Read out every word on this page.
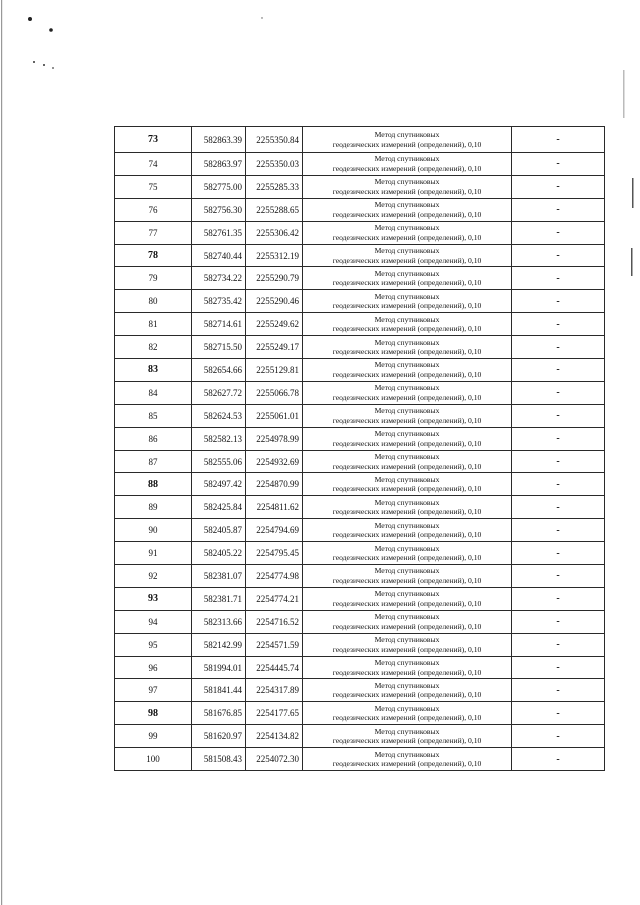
73	582863.39	2255350.84	Метод спутниковых
геодезических измерений (определений), 0,10	-
74	582863.97	2255350.03	Метод спутниковых
геодезических измерений (определений), 0,10	-
75	582775.00	2255285.33	Метод спутниковых
геодезических измерений (определений), 0,10	-
76	582756.30	2255288.65	Метод спутниковых
геодезических измерений (определений), 0,10	-
77	582761.35	2255306.42	Метод спутниковых
геодезических измерений (определений), 0,10	-
78	582740.44	2255312.19	Метод спутниковых
геодезических измерений (определений), 0,10	-
79	582734.22	2255290.79	Метод спутниковых
геодезических измерений (определений), 0,10	-
80	582735.42	2255290.46	Метод спутниковых
геодезических измерений (определений), 0,10	-
81	582714.61	2255249.62	Метод спутниковых
геодезических измерений (определений), 0,10	-
82	582715.50	2255249.17	Метод спутниковых
геодезических измерений (определений), 0,10	-
83	582654.66	2255129.81	Метод спутниковых
геодезических измерений (определений), 0,10	-
84	582627.72	2255066.78	Метод спутниковых
геодезических измерений (определений), 0,10	-
85	582624.53	2255061.01	Метод спутниковых
геодезических измерений (определений), 0,10	-
86	582582.13	2254978.99	Метод спутниковых
геодезических измерений (определений), 0,10	-
87	582555.06	2254932.69	Метод спутниковых
геодезических измерений (определений), 0,10	-
88	582497.42	2254870.99	Метод спутниковых
геодезических измерений (определений), 0,10	-
89	582425.84	2254811.62	Метод спутниковых
геодезических измерений (определений), 0,10	-
90	582405.87	2254794.69	Метод спутниковых
геодезических измерений (определений), 0,10	-
91	582405.22	2254795.45	Метод спутниковых
геодезических измерений (определений), 0,10	-
92	582381.07	2254774.98	Метод спутниковых
геодезических измерений (определений), 0,10	-
93	582381.71	2254774.21	Метод спутниковых
геодезических измерений (определений), 0,10	-
94	582313.66	2254716.52	Метод спутниковых
геодезических измерений (определений), 0,10	-
95	582142.99	2254571.59	Метод спутниковых
геодезических измерений (определений), 0,10	-
96	581994.01	2254445.74	Метод спутниковых
геодезических измерений (определений), 0,10	-
97	581841.44	2254317.89	Метод спутниковых
геодезических измерений (определений), 0,10	-
98	581676.85	2254177.65	Метод спутниковых
геодезических измерений (определений), 0,10	-
99	581620.97	2254134.82	Метод спутниковых
геодезических измерений (определений), 0,10	-
100	581508.43	2254072.30	Метод спутниковых
геодезических измерений (определений), 0,10	-
